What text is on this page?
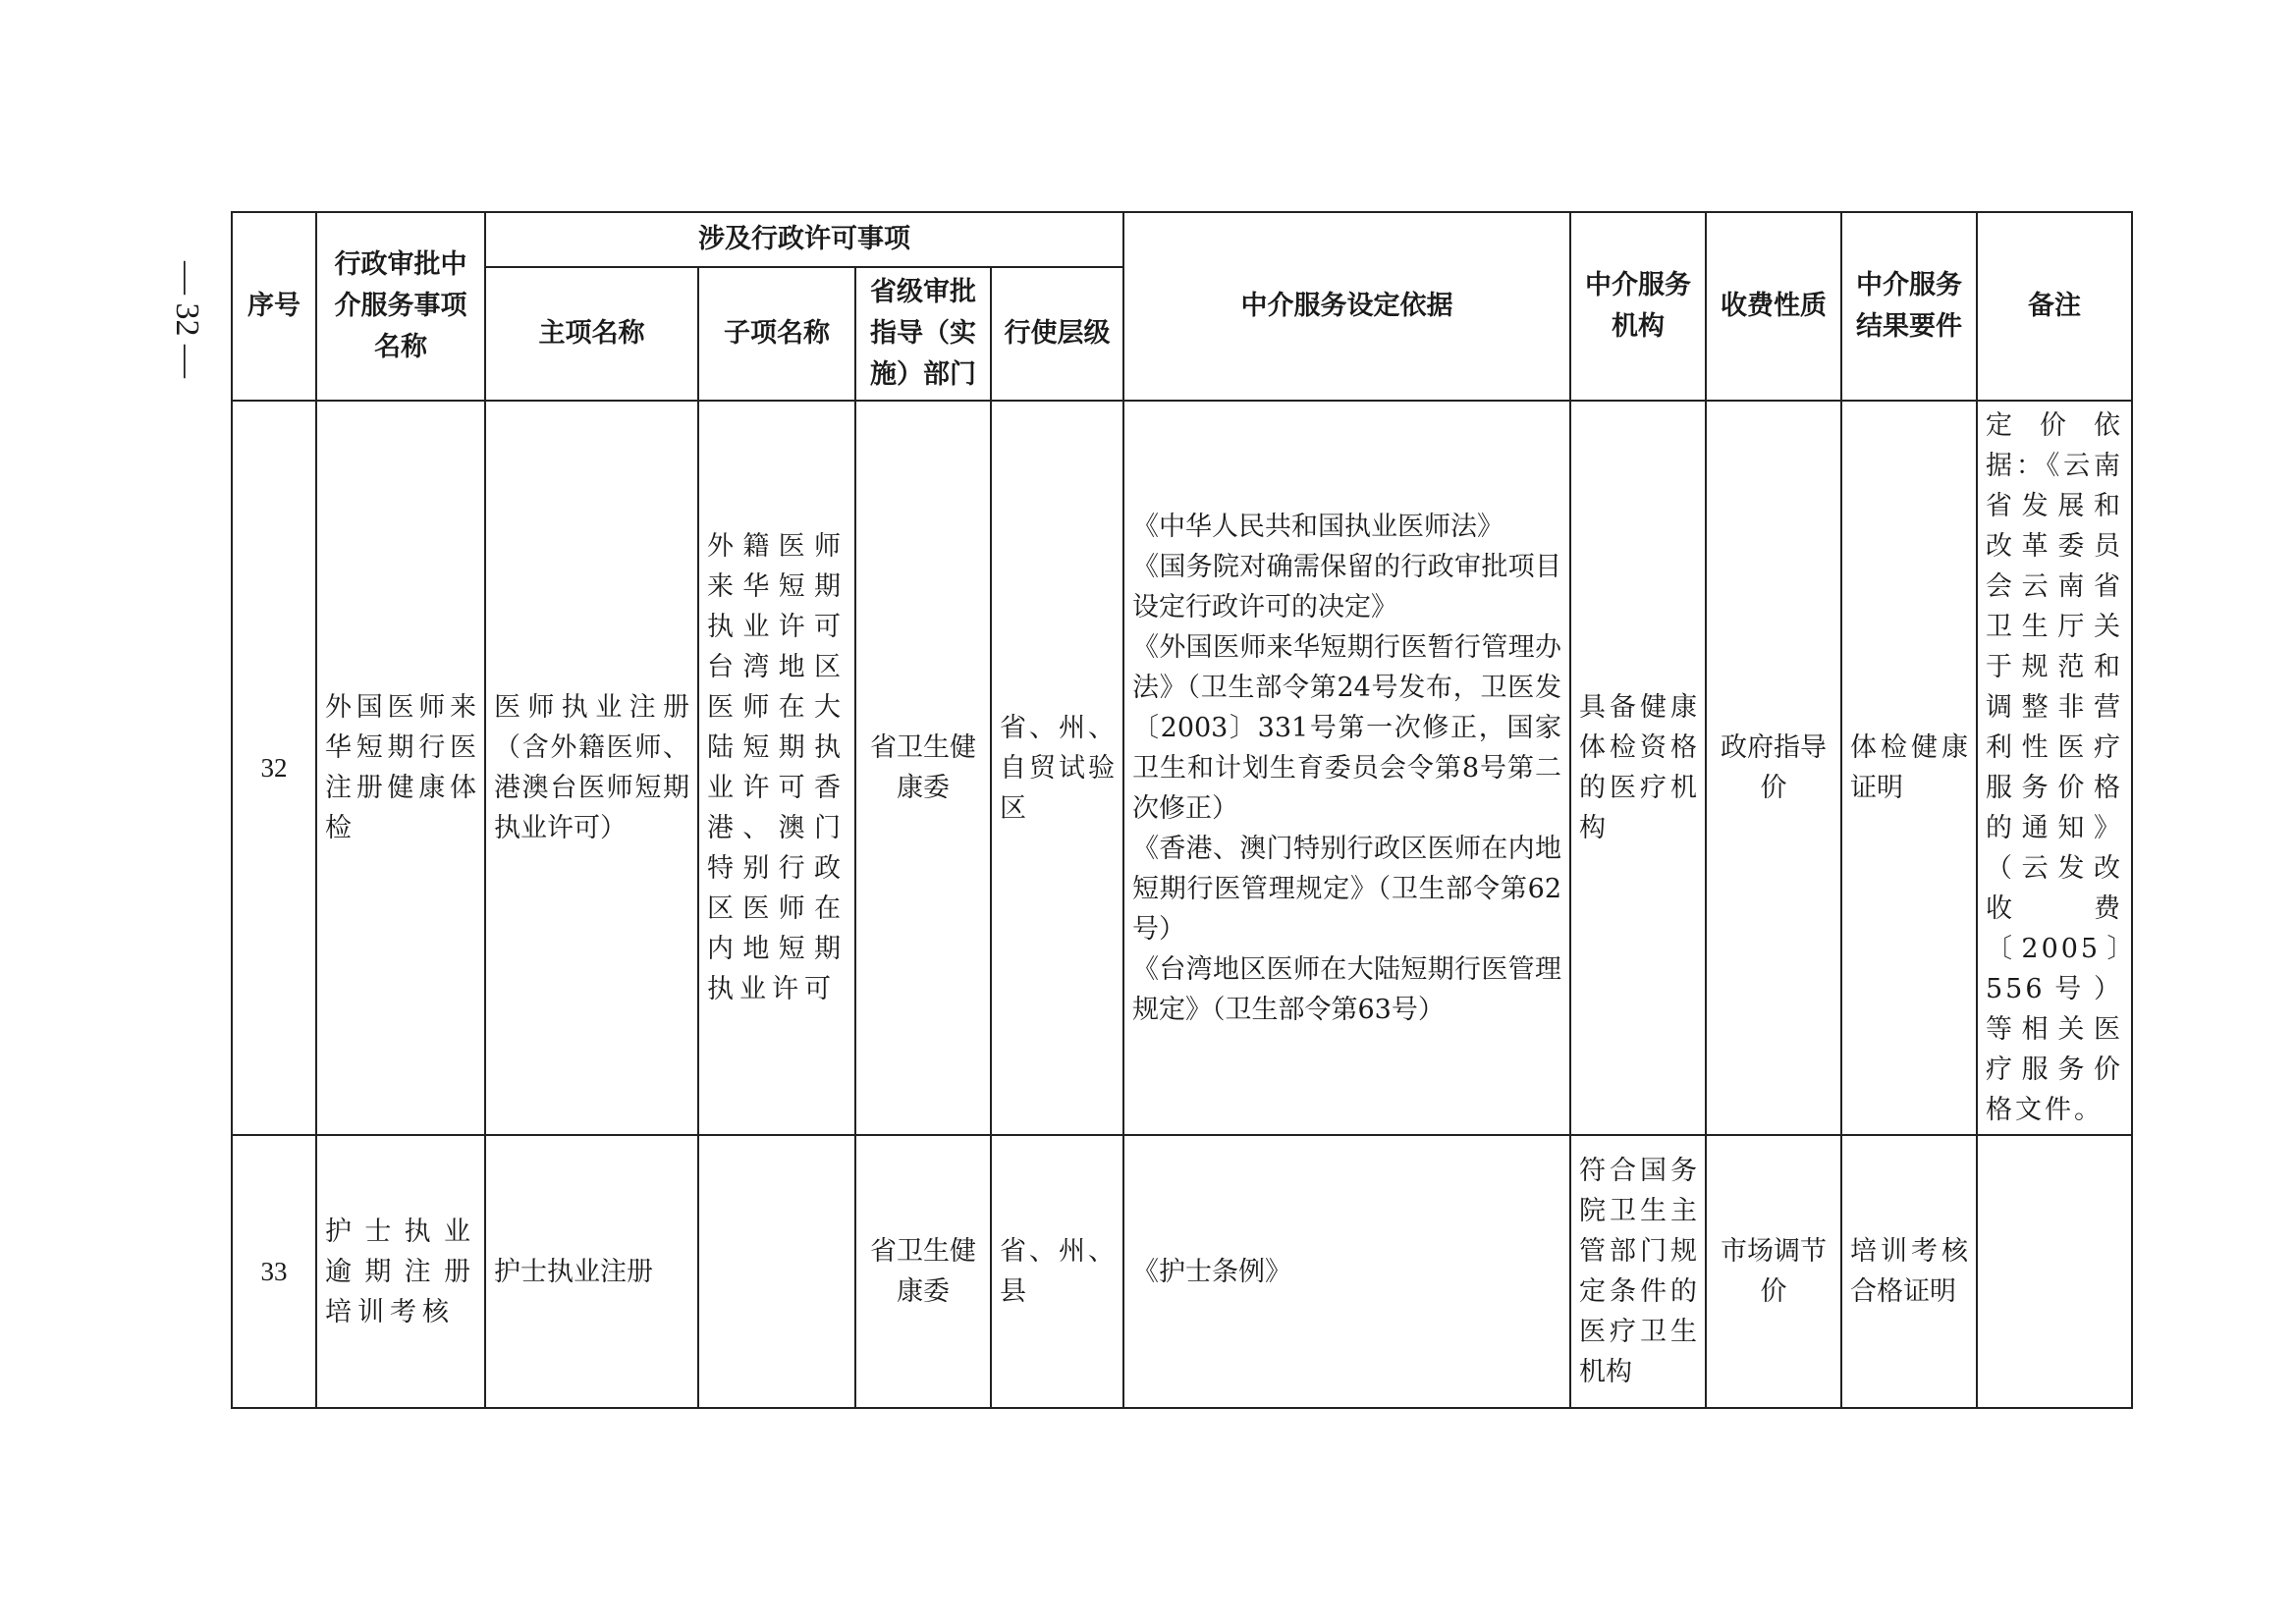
— 32 —	序号	行政审批中介服务事项名称	涉及行政许可事项				中介服务设定依据	中介服务机构	收费性质	中介服务结果要件	备注
		主项名称	子项名称	省级审批指导（实施）部门	行使层级					
32	外国医师来华短期行医注册健康体检	医师执业注册（含外籍医师、港澳台医师短期执业许可）	外籍医师来华短期执业许可台湾地区医师在大陆短期执业许可香港、澳门特别行政区医师在内地短期执业许可	省卫生健康委	省、州、自贸试验区	《中华人民共和国执业医师法》
《国务院对确需保留的行政审批项目设定行政许可的决定》
《外国医师来华短期行医暂行管理办法》（卫生部令第24号发布，卫医发〔2003〕331号第一次修正，国家卫生和计划生育委员会令第8号第二次修正）
《香港、澳门特别行政区医师在内地短期行医管理规定》（卫生部令第62号）
《台湾地区医师在大陆短期行医管理规定》（卫生部令第63号）	具备健康体检资格的医疗机构	政府指导价	体检健康证明	定价依据：《云南省发展和改革委员会云南省卫生厅关于规范和调整非营利性医疗服务价格的通知》（云发改收费〔2005〕556号）等相关医疗服务价格文件。
33	护士执业逾期注册培训考核	护士执业注册		省卫生健康委	省、州、县	《护士条例》	符合国务院卫生主管部门规定条件的医疗卫生机构	市场调节价	培训考核合格证明	
